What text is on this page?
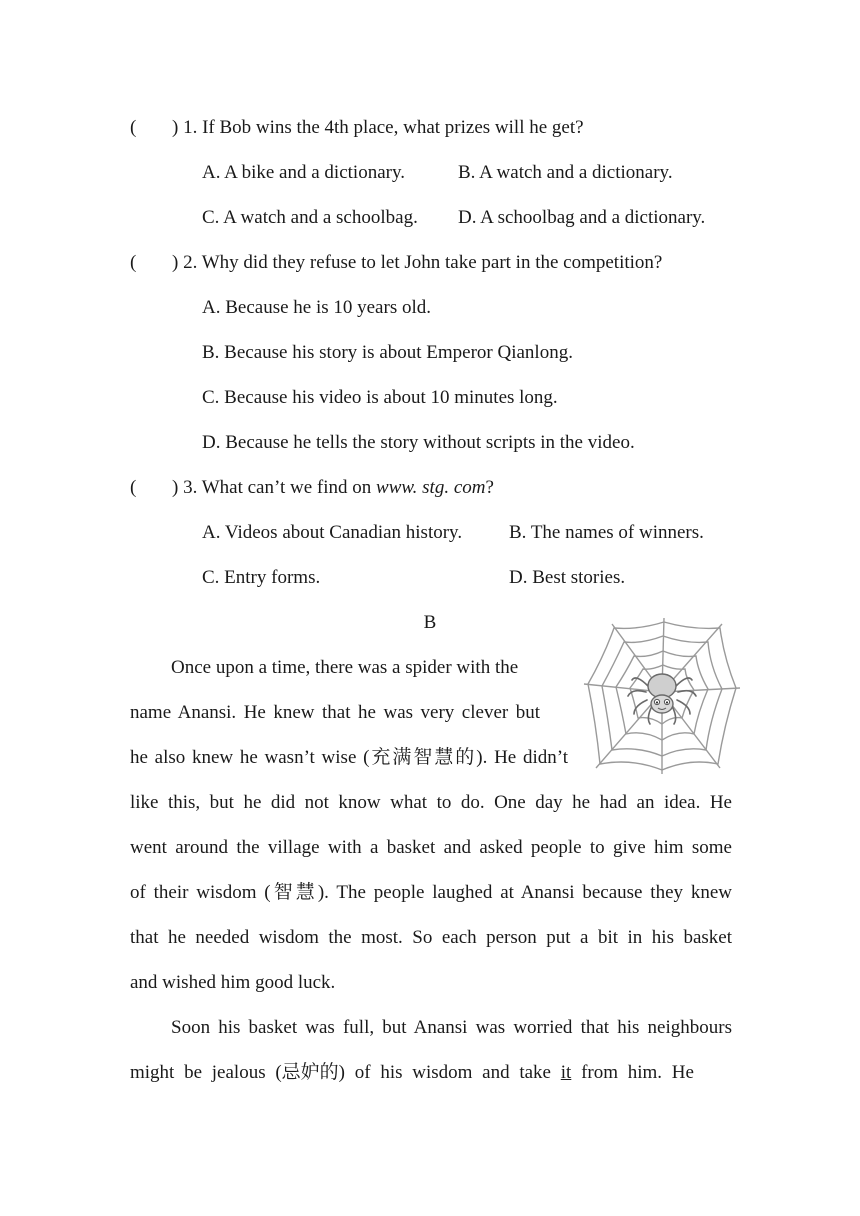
( ) 1. If Bob wins the 4th place, what prizes will he get?
A. A bike and a dictionary.	B. A watch and a dictionary.
C. A watch and a schoolbag. D. A schoolbag and a dictionary.
( ) 2. Why did they refuse to let John take part in the competition?
A. Because he is 10 years old.
B. Because his story is about Emperor Qianlong.
C. Because his video is about 10 minutes long.
D. Because he tells the story without scripts in the video.
( ) 3. What can’t we find on www. stg. com?
A. Videos about Canadian history. B. The names of winners.
C. Entry forms.	D. Best stories.
B
Once upon a time, there was a spider with the
name Anansi. He knew that he was very clever but
he also knew he wasn’t wise (充满智慧的). He didn’t
like this, but he did not know what to do. One day he had an idea. He
went around the village with a basket and asked people to give him some
of their wisdom (智慧). The people laughed at Anansi because they knew
that he needed wisdom the most. So each person put a bit in his basket
and wished him good luck.
Soon his basket was full, but Anansi was worried that his neighbours
might be jealous (忌妒的) of his wisdom and take it from him. He
